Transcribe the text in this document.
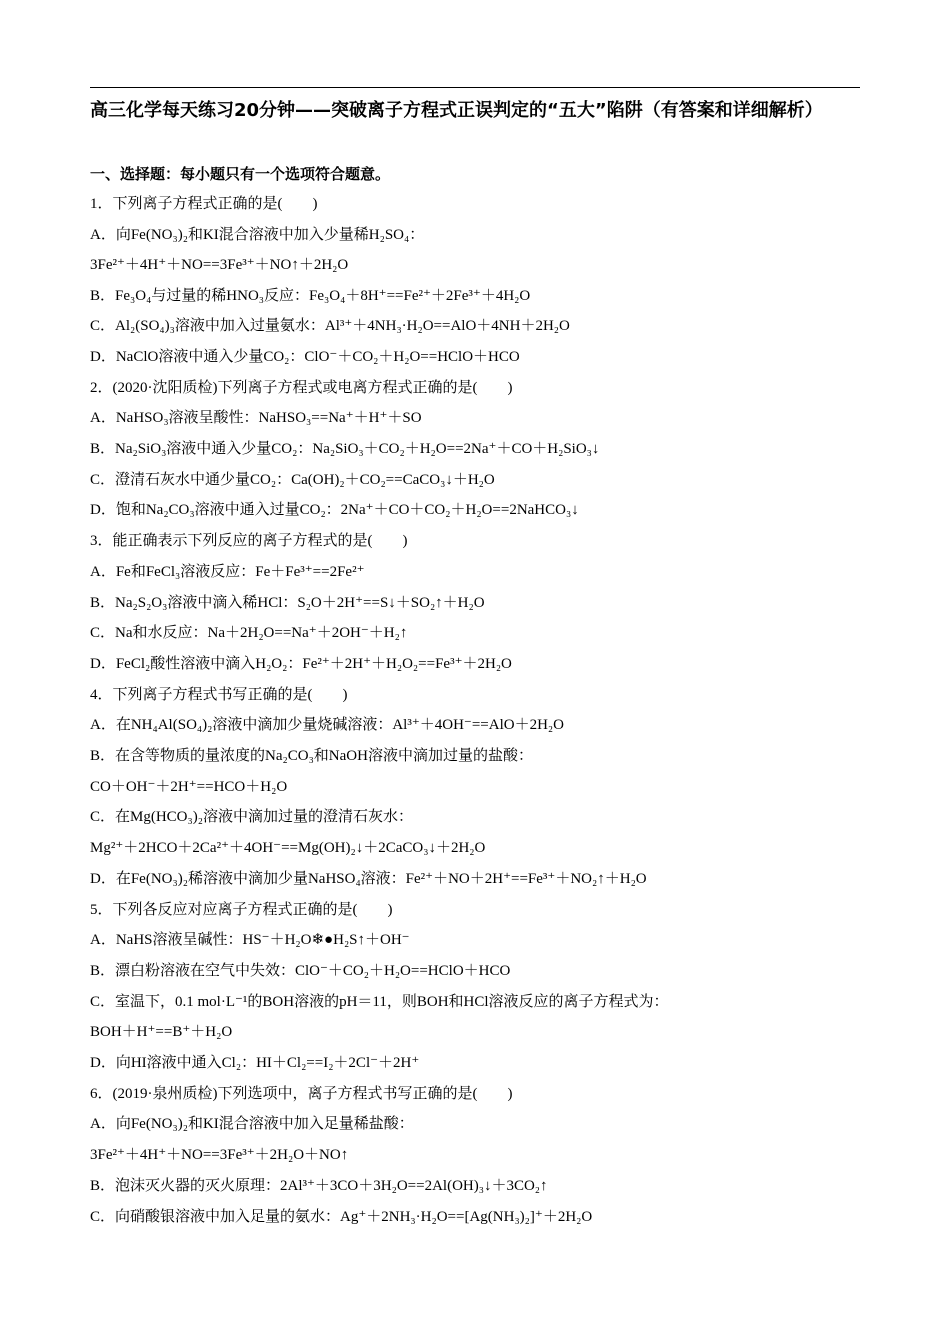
高三化学每天练习20分钟——突破离子方程式正误判定的“五大”陷阱（有答案和详细解析）
一、选择题：每小题只有一个选项符合题意。
1．下列离子方程式正确的是(　　)
A．向Fe(NO₃)₂和KI混合溶液中加入少量稀H₂SO₄：
3Fe²⁺＋4H⁺＋NO==3Fe³⁺＋NO↑＋2H₂O
B．Fe₃O₄与过量的稀HNO₃反应：Fe₃O₄＋8H⁺==Fe²⁺＋2Fe³⁺＋4H₂O
C．Al₂(SO₄)₃溶液中加入过量氨水：Al³⁺＋4NH₃·H₂O==AlO＋4NH＋2H₂O
D．NaClO溶液中通入少量CO₂：ClO⁻＋CO₂＋H₂O==HClO＋HCO
2．(2020·沈阳质检)下列离子方程式或电离方程式正确的是(　　)
A．NaHSO₃溶液呈酸性：NaHSO₃==Na⁺＋H⁺＋SO
B．Na₂SiO₃溶液中通入少量CO₂：Na₂SiO₃＋CO₂＋H₂O==2Na⁺＋CO＋H₂SiO₃↓
C．澄清石灰水中通少量CO₂：Ca(OH)₂＋CO₂==CaCO₃↓＋H₂O
D．饱和Na₂CO₃溶液中通入过量CO₂：2Na⁺＋CO＋CO₂＋H₂O==2NaHCO₃↓
3．能正确表示下列反应的离子方程式的是(　　)
A．Fe和FeCl₃溶液反应：Fe＋Fe³⁺==2Fe²⁺
B．Na₂S₂O₃溶液中滴入稀HCl：S₂O＋2H⁺==S↓＋SO₂↑＋H₂O
C．Na和水反应：Na＋2H₂O==Na⁺＋2OH⁻＋H₂↑
D．FeCl₂酸性溶液中滴入H₂O₂：Fe²⁺＋2H⁺＋H₂O₂==Fe³⁺＋2H₂O
4．下列离子方程式书写正确的是(　　)
A．在NH₄Al(SO₄)₂溶液中滴加少量烧碱溶液：Al³⁺＋4OH⁻==AlO＋2H₂O
B．在含等物质的量浓度的Na₂CO₃和NaOH溶液中滴加过量的盐酸：
CO＋OH⁻＋2H⁺==HCO＋H₂O
C．在Mg(HCO₃)₂溶液中滴加过量的澄清石灰水：
Mg²⁺＋2HCO＋2Ca²⁺＋4OH⁻==Mg(OH)₂↓＋2CaCO₃↓＋2H₂O
D．在Fe(NO₃)₂稀溶液中滴加少量NaHSO₄溶液：Fe²⁺＋NO＋2H⁺==Fe³⁺＋NO₂↑＋H₂O
5．下列各反应对应离子方程式正确的是(　　)
A．NaHS溶液呈碱性：HS⁻＋H₂O❄●H₂S↑＋OH⁻
B．漂白粉溶液在空气中失效：ClO⁻＋CO₂＋H₂O==HClO＋HCO
C．室温下，0.1 mol·L⁻¹的BOH溶液的pH＝11，则BOH和HCl溶液反应的离子方程式为：
BOH＋H⁺==B⁺＋H₂O
D．向HI溶液中通入Cl₂：HI＋Cl₂==I₂＋2Cl⁻＋2H⁺
6．(2019·泉州质检)下列选项中，离子方程式书写正确的是(　　)
A．向Fe(NO₃)₂和KI混合溶液中加入足量稀盐酸：
3Fe²⁺＋4H⁺＋NO==3Fe³⁺＋2H₂O＋NO↑
B．泡沫灭火器的灭火原理：2Al³⁺＋3CO＋3H₂O==2Al(OH)₃↓＋3CO₂↑
C．向硝酸银溶液中加入足量的氨水：Ag⁺＋2NH₃·H₂O==[Ag(NH₃)₂]⁺＋2H₂O
